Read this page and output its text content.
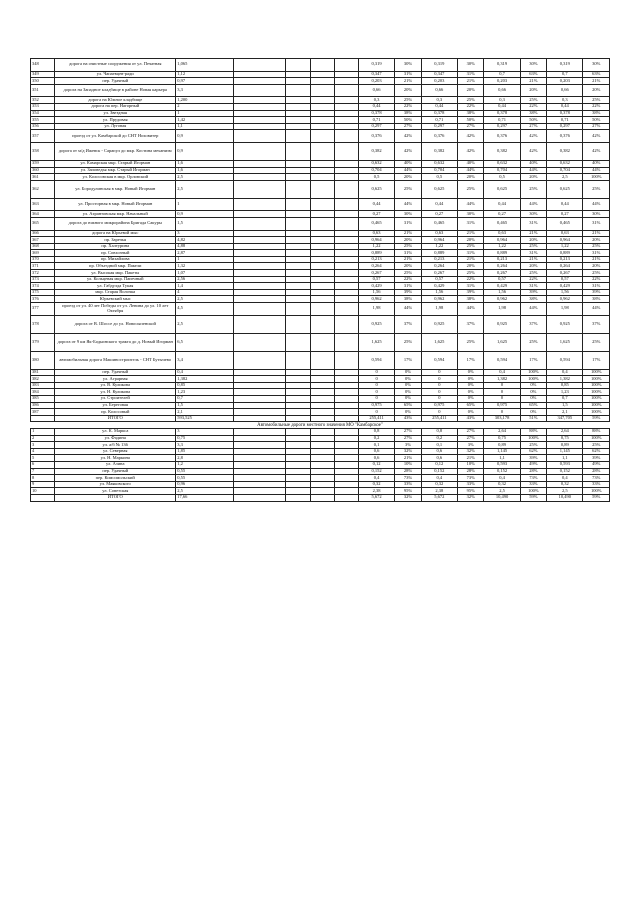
348	дорога на очистные сооружения от ул. Печатная	1,065					0,319	30%	0,319	30%	0,319	30%	0,319	30%
349	ул. Чапаевцев-ради	1,12					0,347	31%	0,347	31%	0,7	63%	0,7	63%
350	пер. Удачный	0,97					0,203	21%	0,203	21%	0,203	21%	0,203	21%
351	дорога на Западное кладбище в районе Новая карьера	3,3					0,66	20%	0,66	20%	0,66	20%	0,66	20%
352	дорога на Южное кладбище	1,200					0,3	25%	0,3	25%	0,3	25%	0,3	25%
353	дорога на пер. Нагорный	2					0,44	22%	0,44	22%	0,44	22%	0,44	22%
354	ул. Звездная	1					0,378	38%	0,378	38%	0,378	38%	0,378	38%
355	ул. Прудовая	1,42					0,71	50%	0,71	50%	0,71	50%	0,71	50%
356	ул. Луговая	1,1					0,297	27%	0,297	27%	0,297	27%	0,297	27%
357	проезд от ул. Камбарской до СНТ Ноховитер	0,9					0,376	42%	0,376	42%	0,376	42%	0,376	42%
358	дорога от м/д Ижевск - Сарапул до мкр. Костина механизм	0,9					0,382	42%	0,382	42%	0,382	42%	0,382	42%
359	ул. Камарская мкр. Старый Игорман	1,6					0,632	40%	0,632	40%	0,632	40%	0,632	40%
360	ул. Заповедья мкр. Старый Игорман	1,6					0,704	44%	0,704	44%	0,704	44%	0,704	44%
361	ул. Колосовская в мкр. Орловский	2,5					0,5	20%	0,5	20%	0,5	20%	2,5	100%
362	ул. Бородулинская в мкр. Новый Игорман	2,5					0,625	25%	0,625	25%	0,625	25%	0,625	25%
363	ул. Просторная в мкр. Новый Игорман	1					0,44	44%	0,44	44%	0,44	44%	0,44	44%
364	ул. Аэрантовская мкр. Начальный	0,9					0,27	30%	0,27	30%	0,27	30%	0,27	30%
365	дорога до южного микрорайона Бригада Сакуры	1,5					0,465	31%	0,465	31%	0,465	31%	0,465	31%
366	дорога на Юрьевой мыс	3					0,63	21%	0,63	21%	0,63	21%	0,63	21%
367	пр. Заречья	4,82					0,964	20%	0,964	20%	0,964	20%	0,964	20%
368	пр. Халтурина	4,88					1,22	25%	1,22	25%	1,22	25%	1,22	25%
369	пр. Совхозный	2,87					0,889	31%	0,889	31%	0,889	31%	0,889	31%
370	пр. Михайлова	1					0,213	21%	0,213	21%	0,213	21%	0,213	21%
371	пр. Объездной мкр. Пакели	1,32					0,264	20%	0,264	20%	0,264	20%	0,264	20%
372	ул. Высокая мкр. Пакеты	1,07					0,267	25%	0,267	25%	0,267	25%	0,267	25%
373	ул. Кольцевая мкр. Папечный	2,56					0,57	22%	0,57	22%	0,57	22%	0,57	22%
374	ул. Габдулда Тукая	1,4					0,429	31%	0,429	31%	0,429	31%	0,429	31%
375	мкр. Старая Волочка	4					1,56	39%	1,56	39%	1,56	39%	1,56	39%
376	Юрьевский мыс	2,5					0,962	38%	0,962	38%	0,962	38%	0,962	38%
377	проезд от ул. 40 лет Победы от ул. Ленина до ул. 10 лет Октября	4,5					1,98	44%	1,98	44%	1,98	44%	1,98	44%
378	дорога от В. Шоссе до ул. Новосыпенской	2,5					0,925	37%	0,925	37%	0,925	37%	0,925	37%
379	дорога от 9 км Як-Бодьинского тракта до д. Новый Игорман	6,5					1,625	25%	1,625	25%	1,625	25%	1,625	25%
380	автомобильная дорога Машиностроитель - СНТ Бутычево	3,4					0,594	17%	0,594	17%	0,594	17%	0,594	17%
381	пер. Удачный	0,4					0	0%	0	0%	0,4	100%	0,4	100%
382	ул. Аграрная	1,382					0	0%	0	0%	1,382	100%	1,382	100%
383	ул. В. Куликова	0,85					0	0%	0	0%	0	0%	0,85	100%
384	ул. Н. Куликова	1,23					0	0%	0	0%	0	0%	1,23	100%
385	ул. Строителей	0,7					0	0%	0	0%	0	0%	0,7	100%
386	ул. Береговая	1,5					0,975	65%	0,975	65%	0,975	65%	1,5	100%
387	пр. Колосовый	2,1					0	0%	0	0%	0	0%	2,1	100%
	ИТОГО	593,525					255,411	43%	255,411	43%	303,178	51%	347,705	59%
Автомобильные дороги местного значения МО "Камбарское"														
1	ул. К. Маркса	3					0,8	27%	0,8	27%	2,64	88%	2,64	88%
2	ул. Фадина	0,75					0,2	27%	0,2	27%	0,75	100%	0,75	100%
3	ул. а/б № 136	3,3					0,1	3%	0,1	3%	0,89	25%	0,89	25%
4	ул. Северная	1,85					0,6	32%	0,6	32%	1,145	62%	1,145	62%
5	ул. Н. Маркина	2,8					0,6	21%	0,6	21%	1,1	39%	1,1	39%
6	ул. Азина	1,2					0,12	10%	0,12	10%	0,593	49%	0,593	49%
7	пер. Удачный	0,55					0,152	28%	0,152	28%	0,152	28%	0,152	28%
8	пер. Комсомольский	0,55					0,4	73%	0,4	73%	0,4	73%	0,4	73%
9	ул. Маяковского	0,96					0,32	33%	0,32	33%	0,32	33%	0,32	33%
10	ул. Советская	2,5					2,38	95%	2,38	95%	2,5	100%	2,5	100%
	ИТОГО	17,66					5,672	32%	5,672	32%	10,490	59%	10,490	59%
